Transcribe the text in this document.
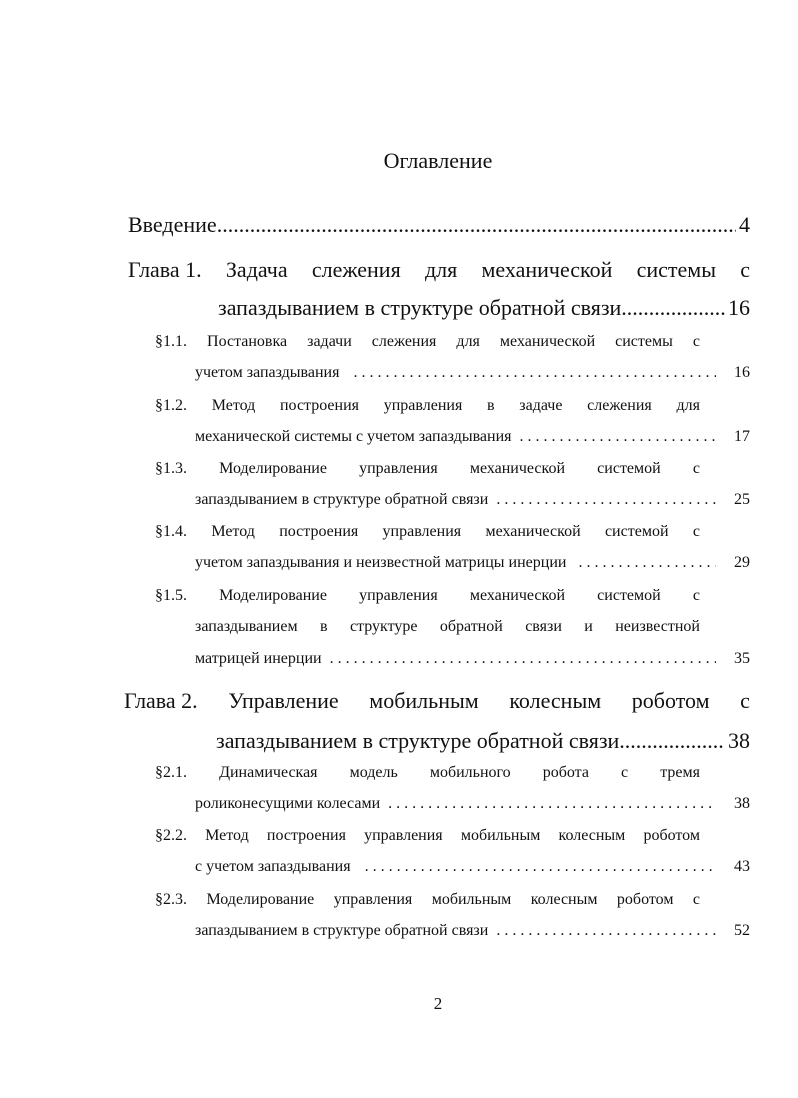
Оглавление
Введение .....	4
Глава 1. Задача слежения для механической системы с
запаздыванием в структуре обратной связи .....	16
§1.1. Постановка задачи слежения для механической системы с
учетом запаздывания . . .	16
§1.2. Метод построения управления в задаче слежения для
механической системы с учетом запаздывания . . .	17
§1.3. Моделирование управления механической системой с
запаздыванием в структуре обратной связи . . .	25
§1.4. Метод построения управления механической системой с
учетом запаздывания и неизвестной матрицы инерции . . .	29
§1.5. Моделирование управления механической системой с
запаздыванием в структуре обратной связи и неизвестной
матрицей инерции . . .	35
Глава 2. Управление мобильным колесным роботом с
запаздыванием в структуре обратной связи .....	38
§2.1. Динамическая модель мобильного робота с тремя
роликонесущими колесами . . .	38
§2.2. Метод построения управления мобильным колесным роботом
с учетом запаздывания . . .	43
§2.3. Моделирование управления мобильным колесным роботом с
запаздыванием в структуре обратной связи . . .	52
2
